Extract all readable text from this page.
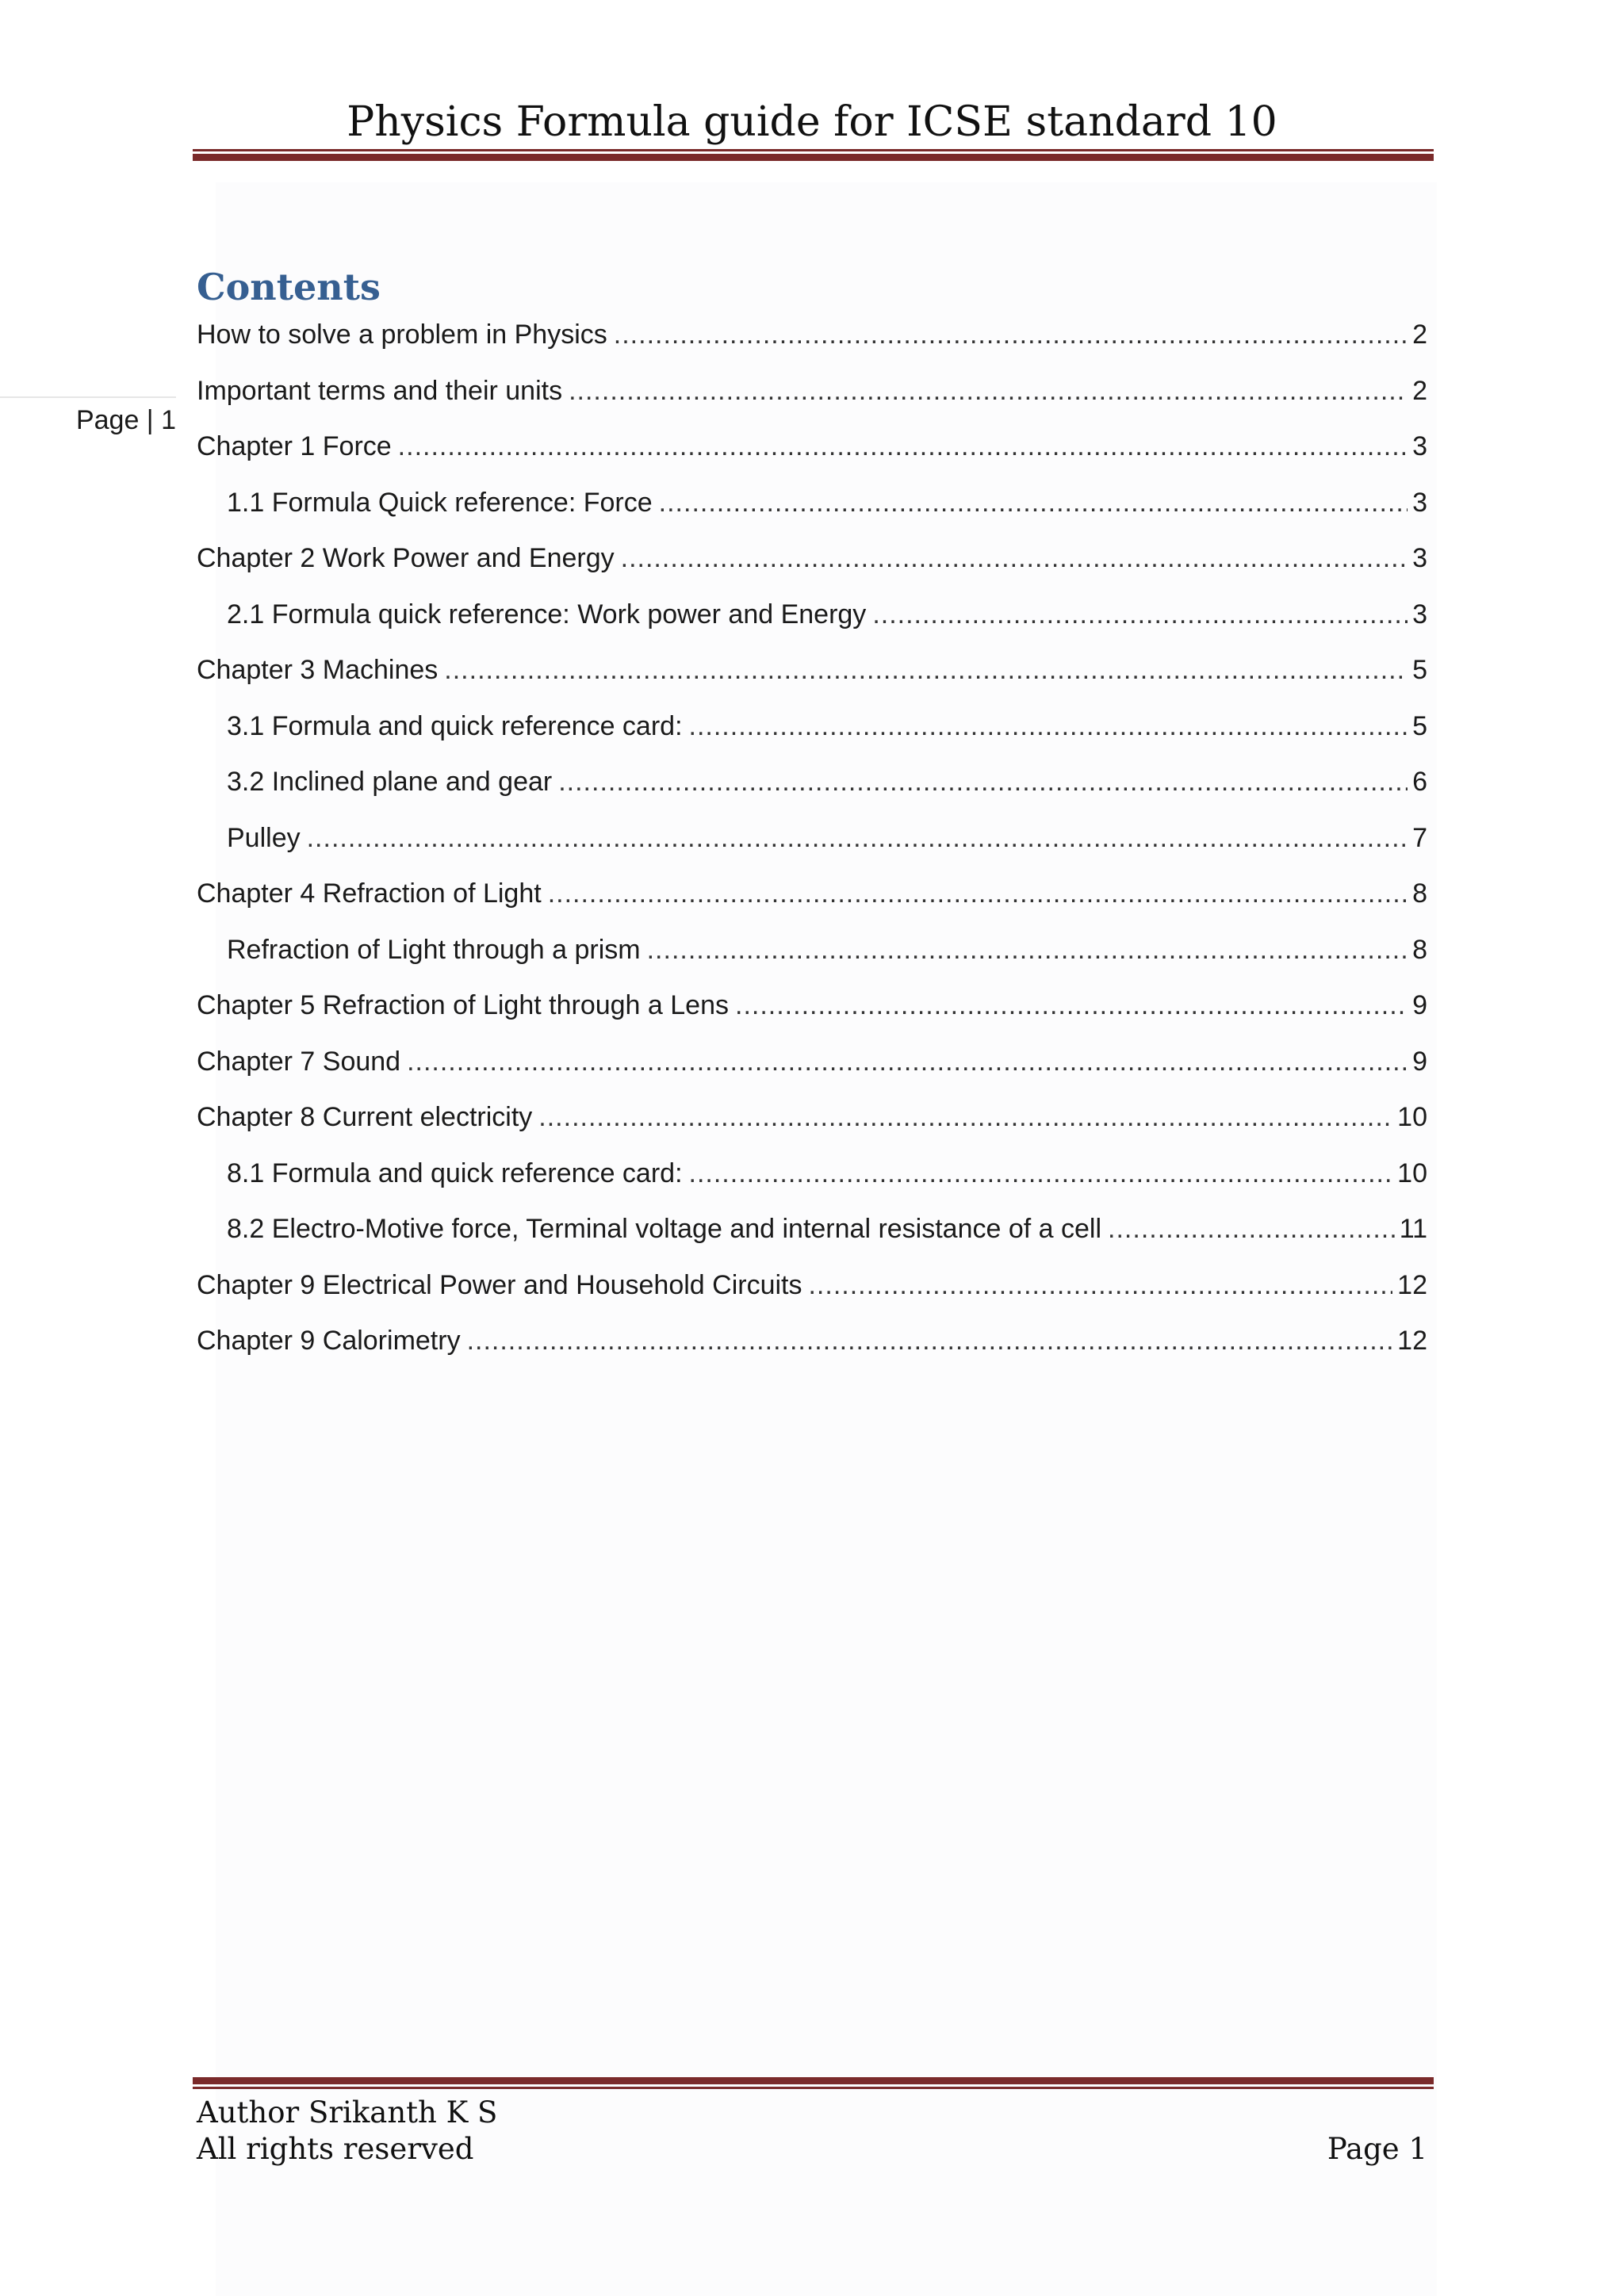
Physics Formula guide for ICSE standard 10
Page | 1
Contents
How to solve a problem in Physics .....	2
Important terms and their units .....	2
Chapter 1 Force .....	3
1.1 Formula Quick reference: Force .....	3
Chapter 2 Work Power and Energy .....	3
2.1 Formula quick reference: Work power and Energy .....	3
Chapter 3 Machines .....	5
3.1 Formula and quick reference card: .....	5
3.2 Inclined plane and gear .....	6
Pulley .....	7
Chapter 4 Refraction of Light .....	8
Refraction of Light through a prism .....	8
Chapter 5 Refraction of Light through a Lens .....	9
Chapter 7 Sound .....	9
Chapter 8 Current electricity .....	10
8.1 Formula and quick reference card: .....	10
8.2 Electro-Motive force, Terminal voltage and internal resistance of a cell .....	11
Chapter 9 Electrical Power and Household Circuits .....	12
Chapter 9 Calorimetry .....	12
Author Srikanth K S
All rights reserved	Page 1
